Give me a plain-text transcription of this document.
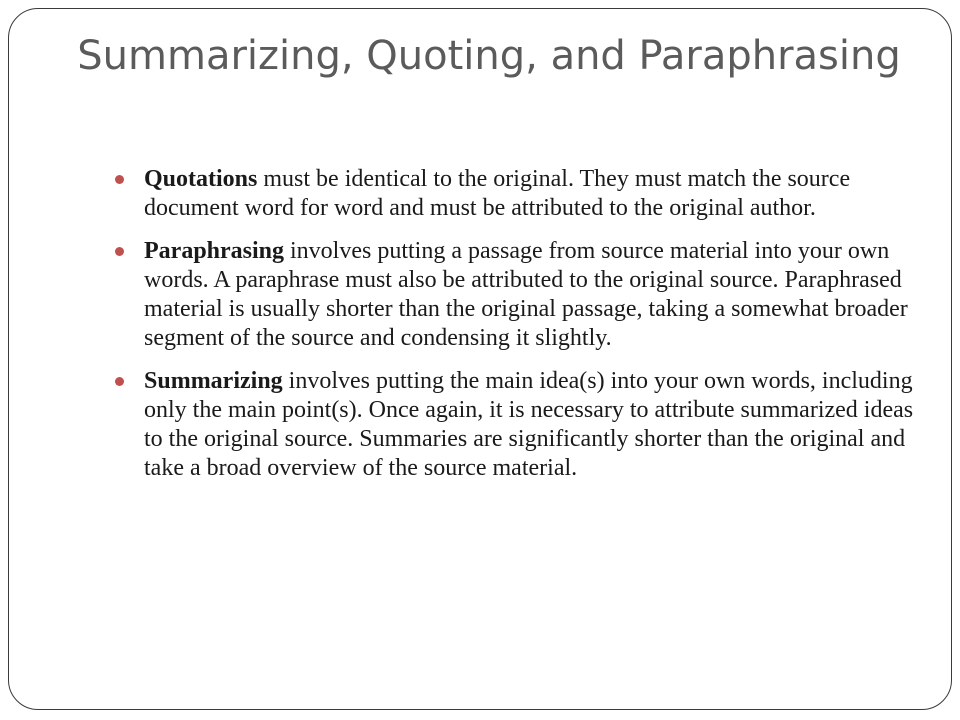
Summarizing, Quoting, and Paraphrasing
Quotations must be identical to the original. They must match the source document word for word and must be attributed to the original author.
Paraphrasing involves putting a passage from source material into your own words. A paraphrase must also be attributed to the original source. Paraphrased material is usually shorter than the original passage, taking a somewhat broader segment of the source and condensing it slightly.
Summarizing involves putting the main idea(s) into your own words, including only the main point(s). Once again, it is necessary to attribute summarized ideas to the original source. Summaries are significantly shorter than the original and take a broad overview of the source material.
